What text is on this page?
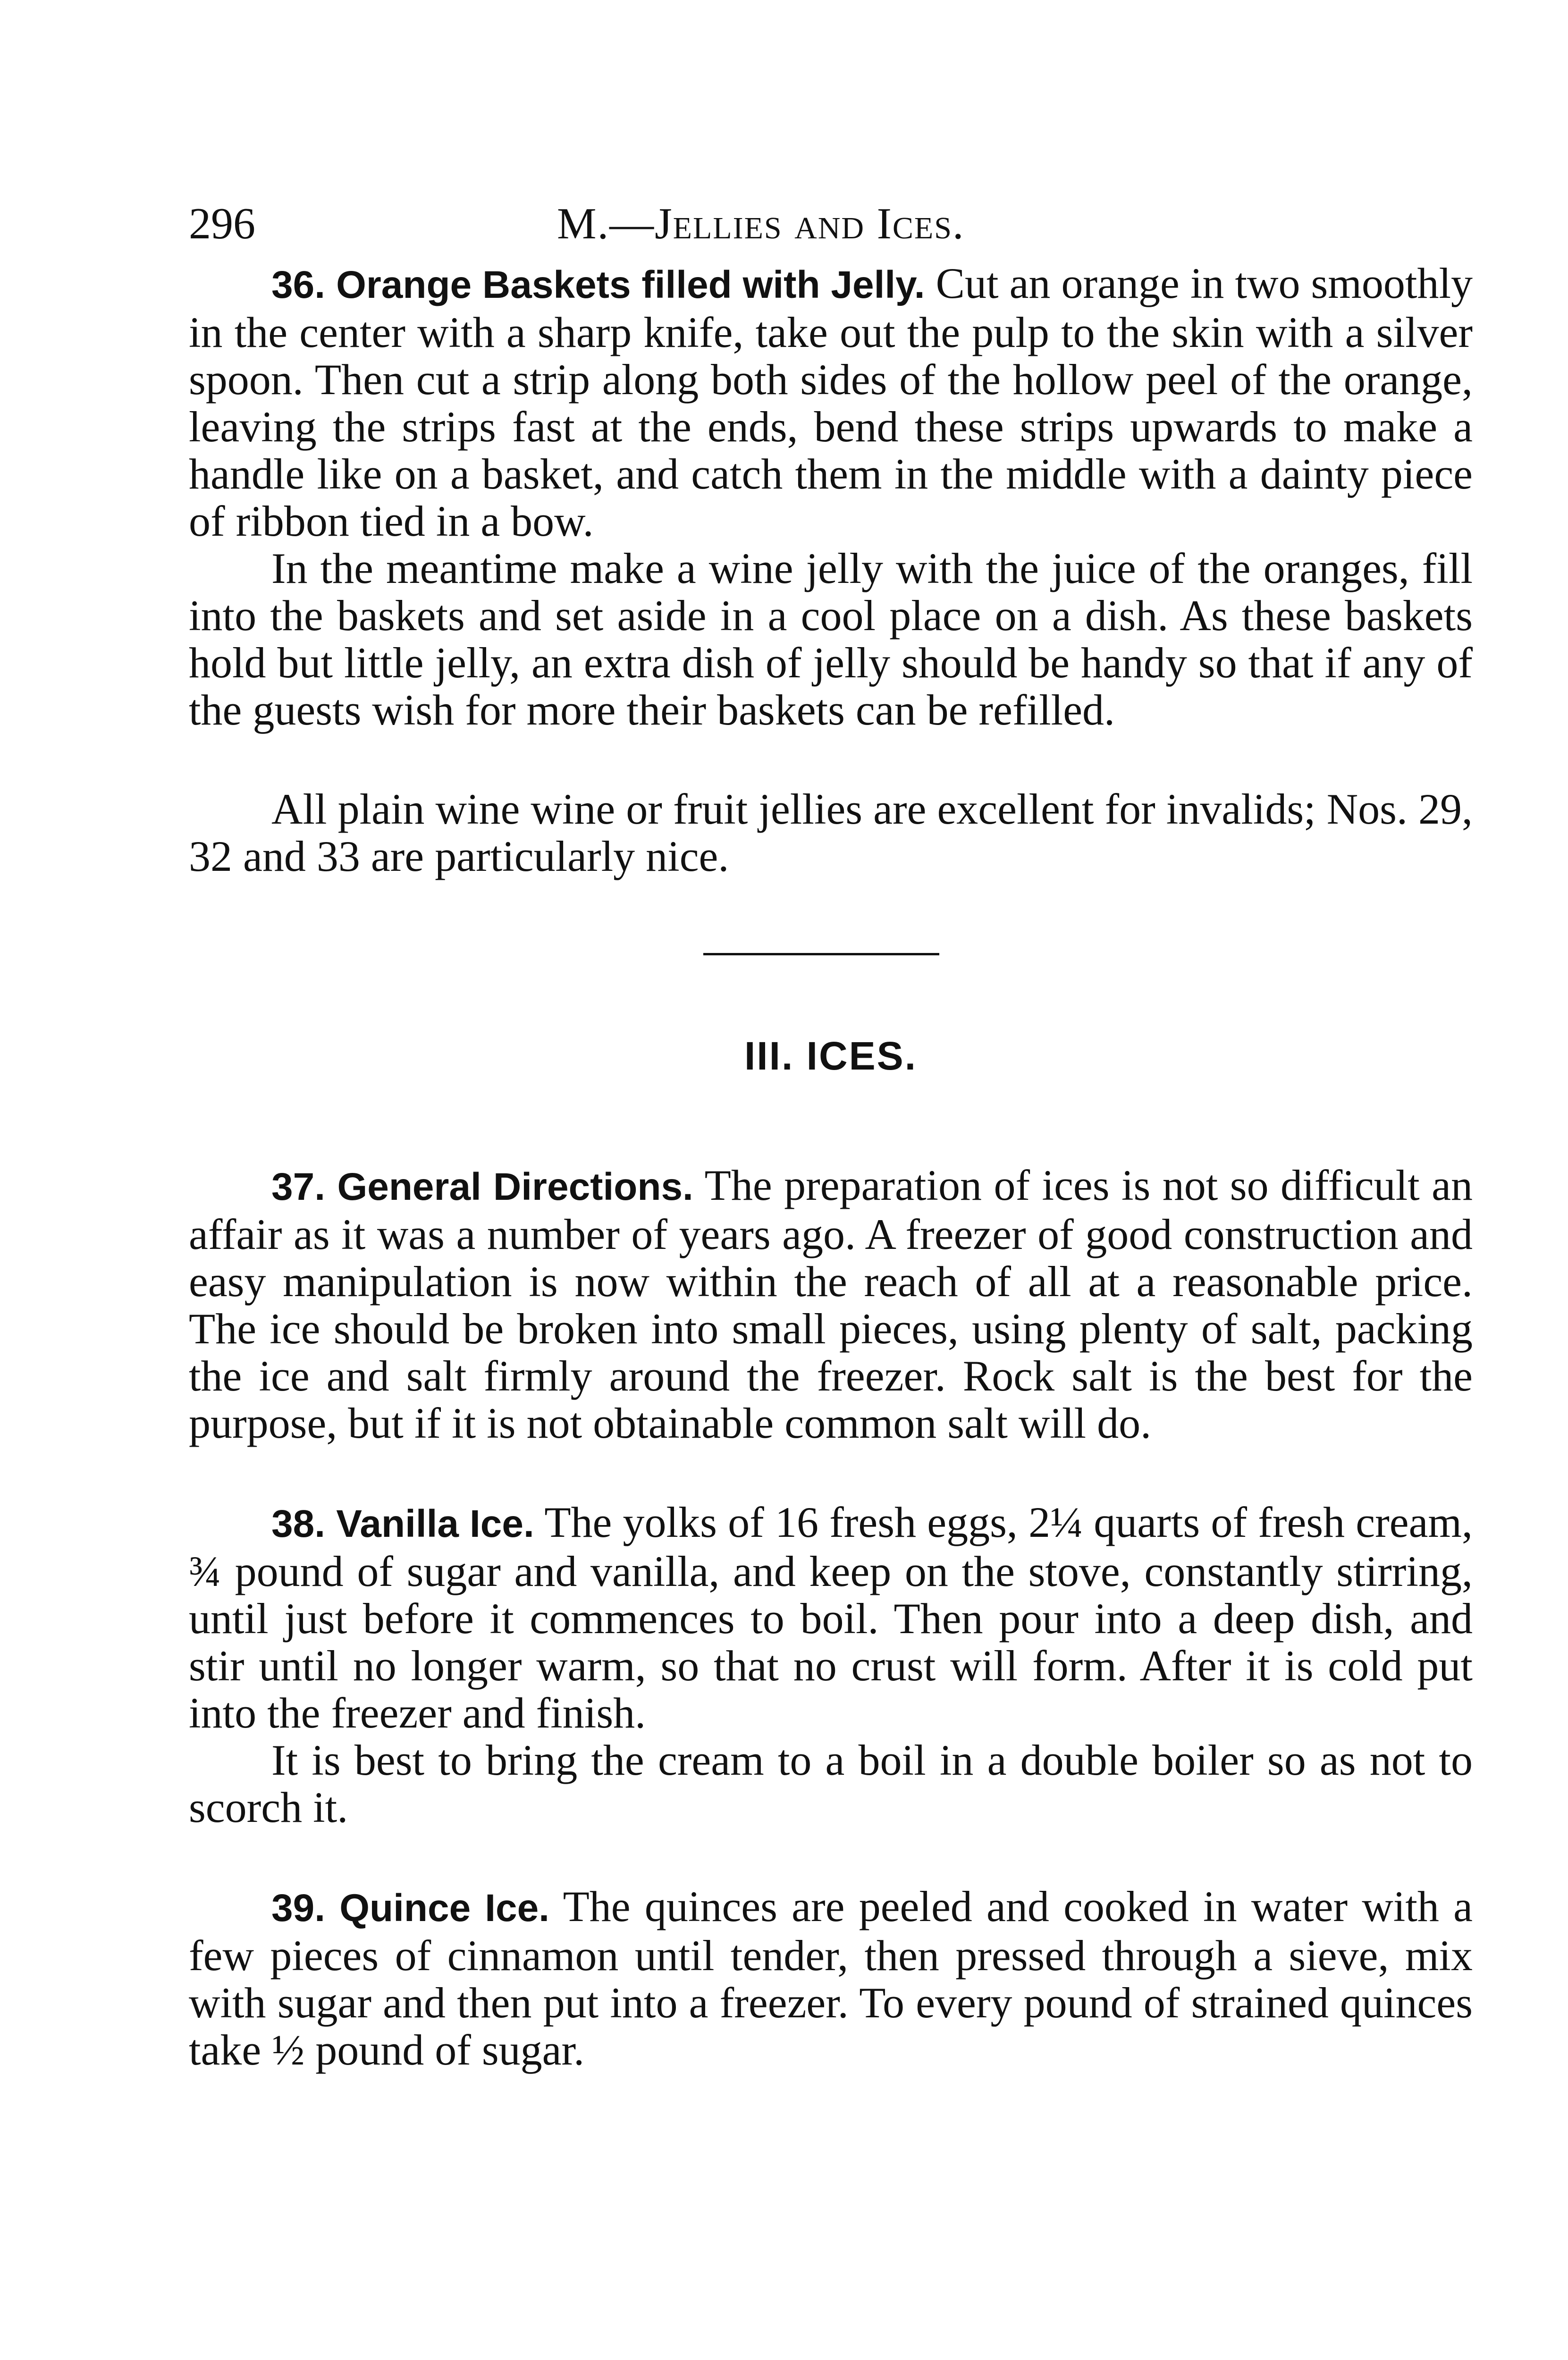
296	M.—Jellies and Ices.

36. Orange Baskets filled with Jelly. Cut an orange in two smoothly in the center with a sharp knife, take out the pulp to the skin with a silver spoon. Then cut a strip along both sides of the hollow peel of the orange, leaving the strips fast at the ends, bend these strips upwards to make a handle like on a basket, and catch them in the middle with a dainty piece of ribbon tied in a bow.

In the meantime make a wine jelly with the juice of the oranges, fill into the baskets and set aside in a cool place on a dish. As these baskets hold but little jelly, an extra dish of jelly should be handy so that if any of the guests wish for more their baskets can be refilled.

All plain wine wine or fruit jellies are excellent for invalids; Nos. 29, 32 and 33 are particularly nice.

III. ICES.

37. General Directions. The preparation of ices is not so difficult an affair as it was a number of years ago. A freezer of good construction and easy manipulation is now within the reach of all at a reasonable price. The ice should be broken into small pieces, using plenty of salt, packing the ice and salt firmly around the freezer. Rock salt is the best for the purpose, but if it is not obtainable common salt will do.

38. Vanilla Ice. The yolks of 16 fresh eggs, 2¼ quarts of fresh cream, ¾ pound of sugar and vanilla, and keep on the stove, constantly stirring, until just before it commences to boil. Then pour into a deep dish, and stir until no longer warm, so that no crust will form. After it is cold put into the freezer and finish.

It is best to bring the cream to a boil in a double boiler so as not to scorch it.

39. Quince Ice. The quinces are peeled and cooked in water with a few pieces of cinnamon until tender, then pressed through a sieve, mix with sugar and then put into a freezer. To every pound of strained quinces take ½ pound of sugar.
